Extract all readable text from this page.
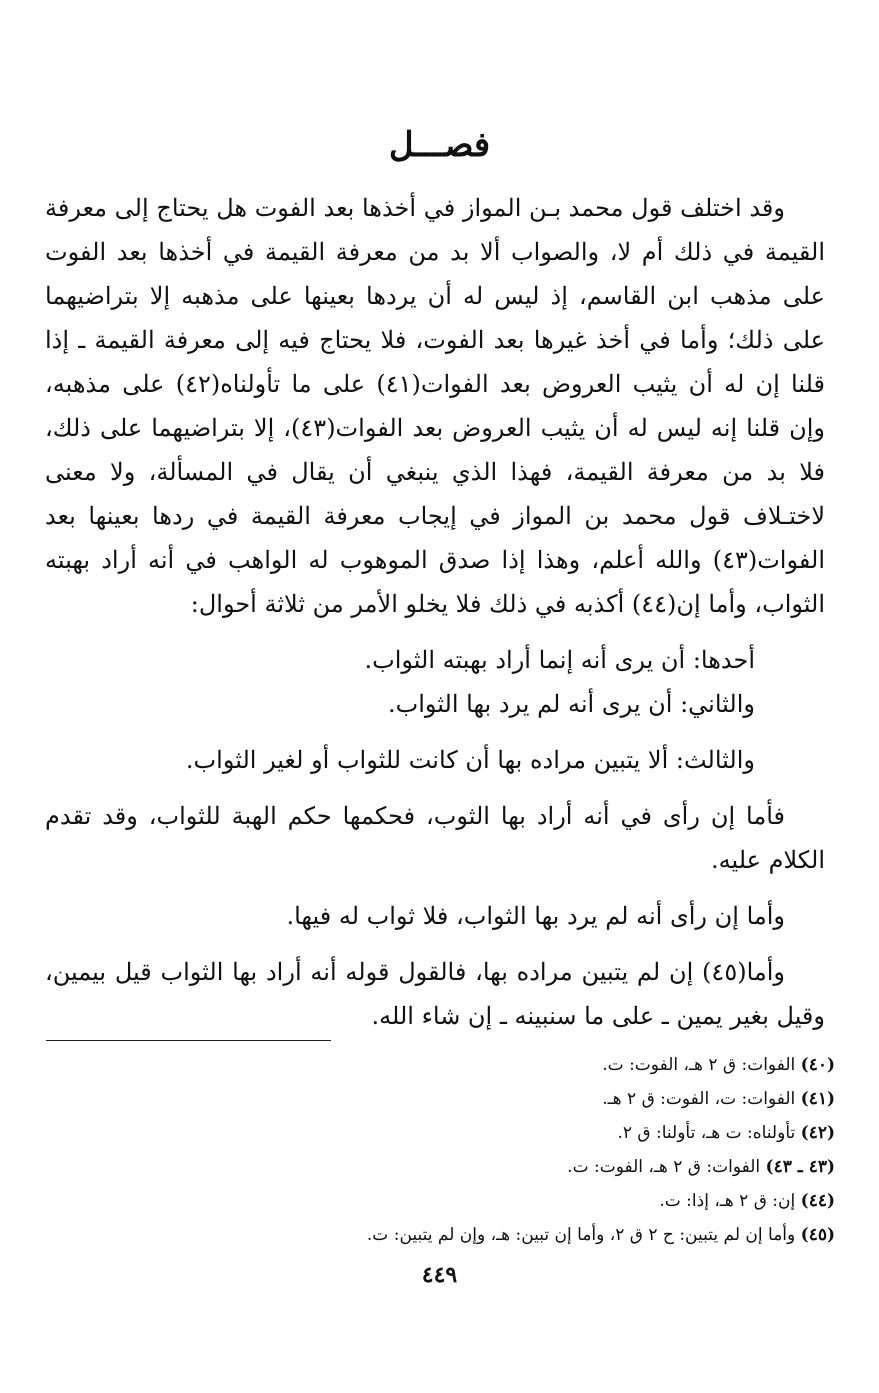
فصـــل

وقد اختلف قول محمد بـن المواز في أخذها بعد الفوت هل يحتاج إلى معرفة القيمة في ذلك أم لا، والصواب ألا بد من معرفة القيمة في أخذها بعد الفوت على مذهب ابن القاسم، إذ ليس له أن يردها بعينها على مذهبه إلا بتراضيهما على ذلك؛ وأما في أخذ غيرها بعد الفوت، فلا يحتاج فيه إلى معرفة القيمة ـ إذا قلنا إن له أن يثيب العروض بعد الفوات(٤١) على ما تأولناه(٤٢) على مذهبه، وإن قلنا إنه ليس له أن يثيب العروض بعد الفوات(٤٣)، إلا بتراضيهما على ذلك، فلا بد من معرفة القيمة، فهذا الذي ينبغي أن يقال في المسألة، ولا معنى لاختـلاف قول محمد بن المواز في إيجاب معرفة القيمة في ردها بعينها بعد الفوات(٤٣) والله أعلم، وهذا إذا صدق الموهوب له الواهب في أنه أراد بهبته الثواب، وأما إن(٤٤) أكذبه في ذلك فلا يخلو الأمر من ثلاثة أحوال:

أحدها: أن يرى أنه إنما أراد بهبته الثواب.

والثاني: أن يرى أنه لم يرد بها الثواب.

والثالث: ألا يتبين مراده بها أن كانت للثواب أو لغير الثواب.

فأما إن رأى في أنه أراد بها الثوب، فحكمها حكم الهبة للثواب، وقد تقدم الكلام عليه.

وأما إن رأى أنه لم يرد بها الثواب، فلا ثواب له فيها.

وأما(٤٥) إن لم يتبين مراده بها، فالقول قوله أنه أراد بها الثواب قيل بيمين، وقيل بغير يمين ـ على ما سنبينه ـ إن شاء الله.

(٤٠) الفوات: ق ٢ هـ، الفوت: ت.
(٤١) الفوات: ت، الفوت: ق ٢ هـ.
(٤٢) تأولناه: ت هـ، تأولنا: ق ٢.
(٤٣ ـ ٤٣) الفوات: ق ٢ هـ، الفوت: ت.
(٤٤) إن: ق ٢ هـ، إذا: ت.
(٤٥) وأما إن لم يتبين: ح ٢ ق ٢، وأما إن تبين: هـ، وإن لم يتبين: ت.
٤٤٩
